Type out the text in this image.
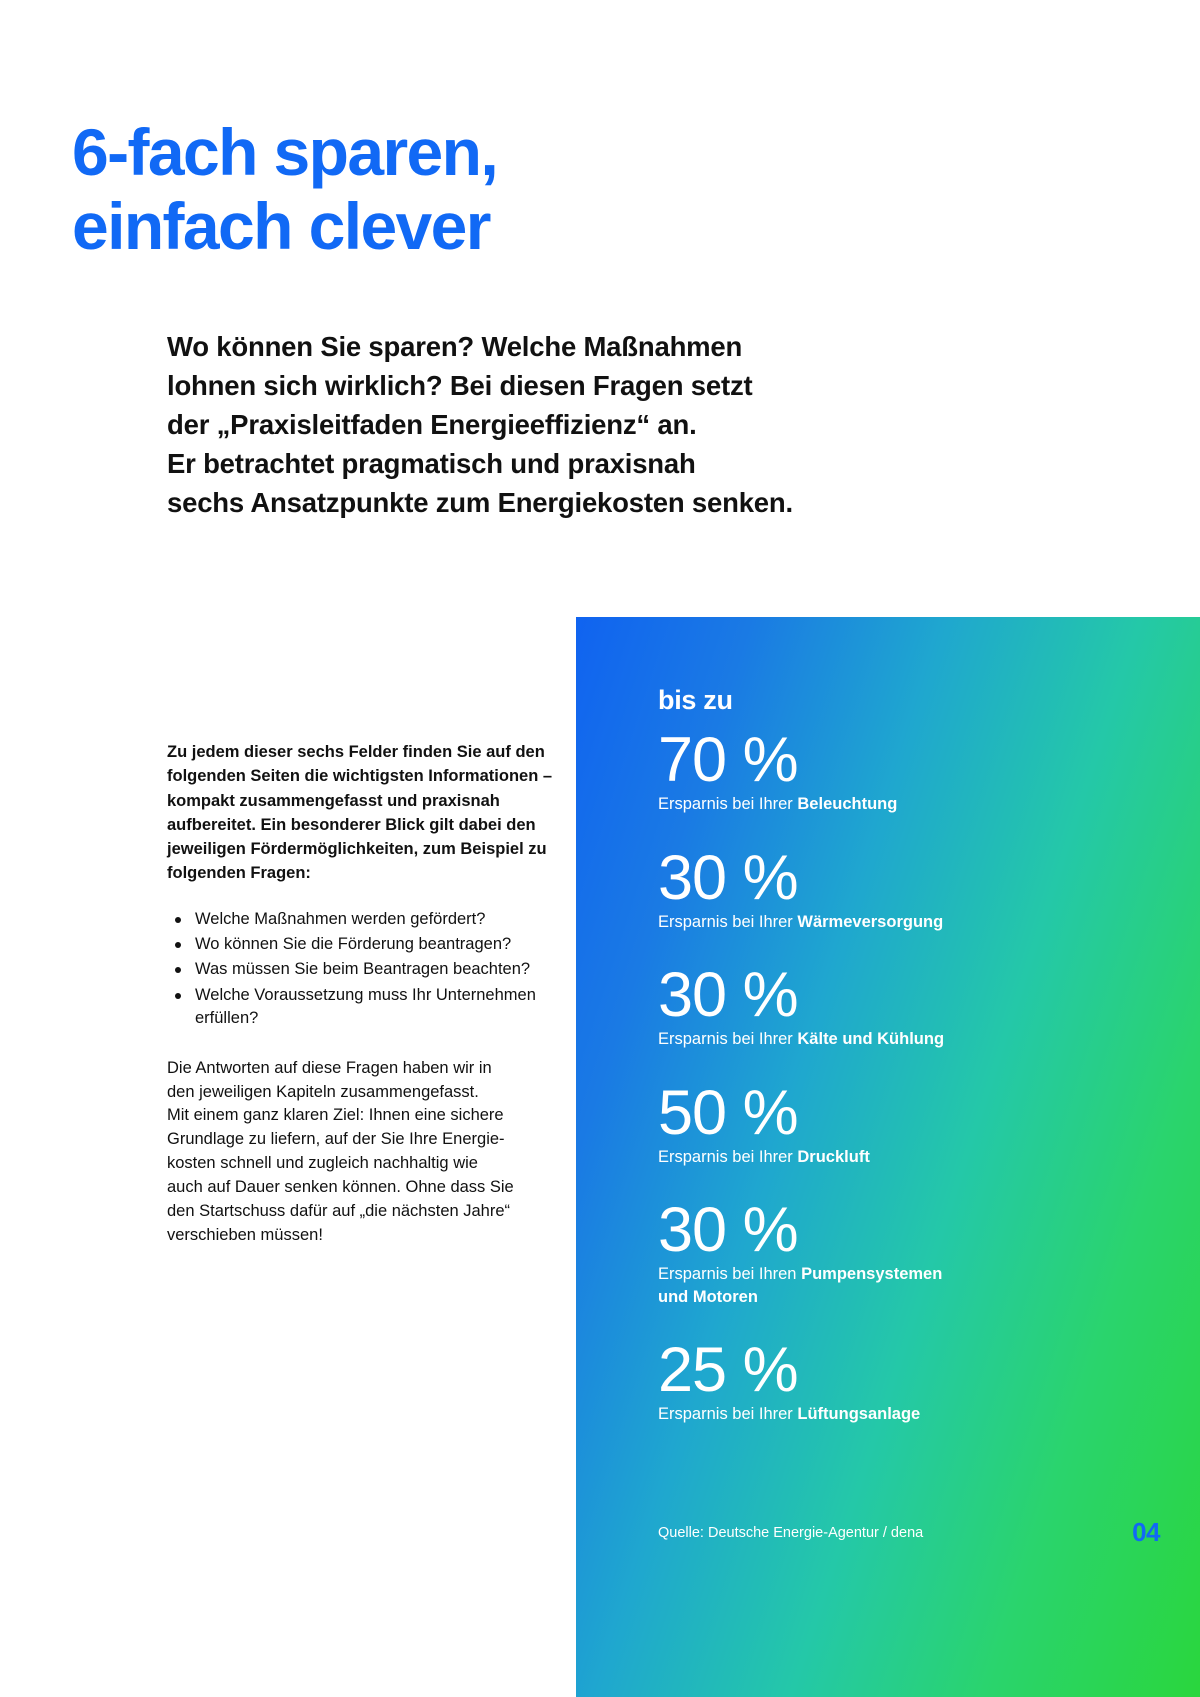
6-fach sparen,
einfach clever
Wo können Sie sparen? Welche Maßnahmen
lohnen sich wirklich? Bei diesen Fragen setzt
der „Praxisleitfaden Energieeffizienz“ an.
Er betrachtet pragmatisch und praxisnah
sechs Ansatzpunkte zum Energiekosten senken.

Zu jedem dieser sechs Felder finden Sie auf den folgenden Seiten die wichtigsten Informationen – kompakt zusammengefasst und praxisnah aufbereitet. Ein besonderer Blick gilt dabei den jeweiligen Fördermöglichkeiten, zum Beispiel zu folgenden Fragen:

Welche Maßnahmen werden gefördert?
Wo können Sie die Förderung beantragen?
Was müssen Sie beim Beantragen beachten?
Welche Voraussetzung muss Ihr Unternehmen erfüllen?

Die Antworten auf diese Fragen haben wir in
den jeweiligen Kapiteln zusammengefasst.
Mit einem ganz klaren Ziel: Ihnen eine sichere
Grundlage zu liefern, auf der Sie Ihre Energie-
kosten schnell und zugleich nachhaltig wie
auch auf Dauer senken können. Ohne dass Sie
den Startschuss dafür auf „die nächsten Jahre“
verschieben müssen!

bis zu
70 %
Ersparnis bei Ihrer Beleuchtung
30 %
Ersparnis bei Ihrer Wärmeversorgung
30 %
Ersparnis bei Ihrer Kälte und Kühlung
50 %
Ersparnis bei Ihrer Druckluft
30 %
Ersparnis bei Ihren Pumpensystemen
und Motoren
25 %
Ersparnis bei Ihrer Lüftungsanlage
Quelle: Deutsche Energie-Agentur / dena	04
